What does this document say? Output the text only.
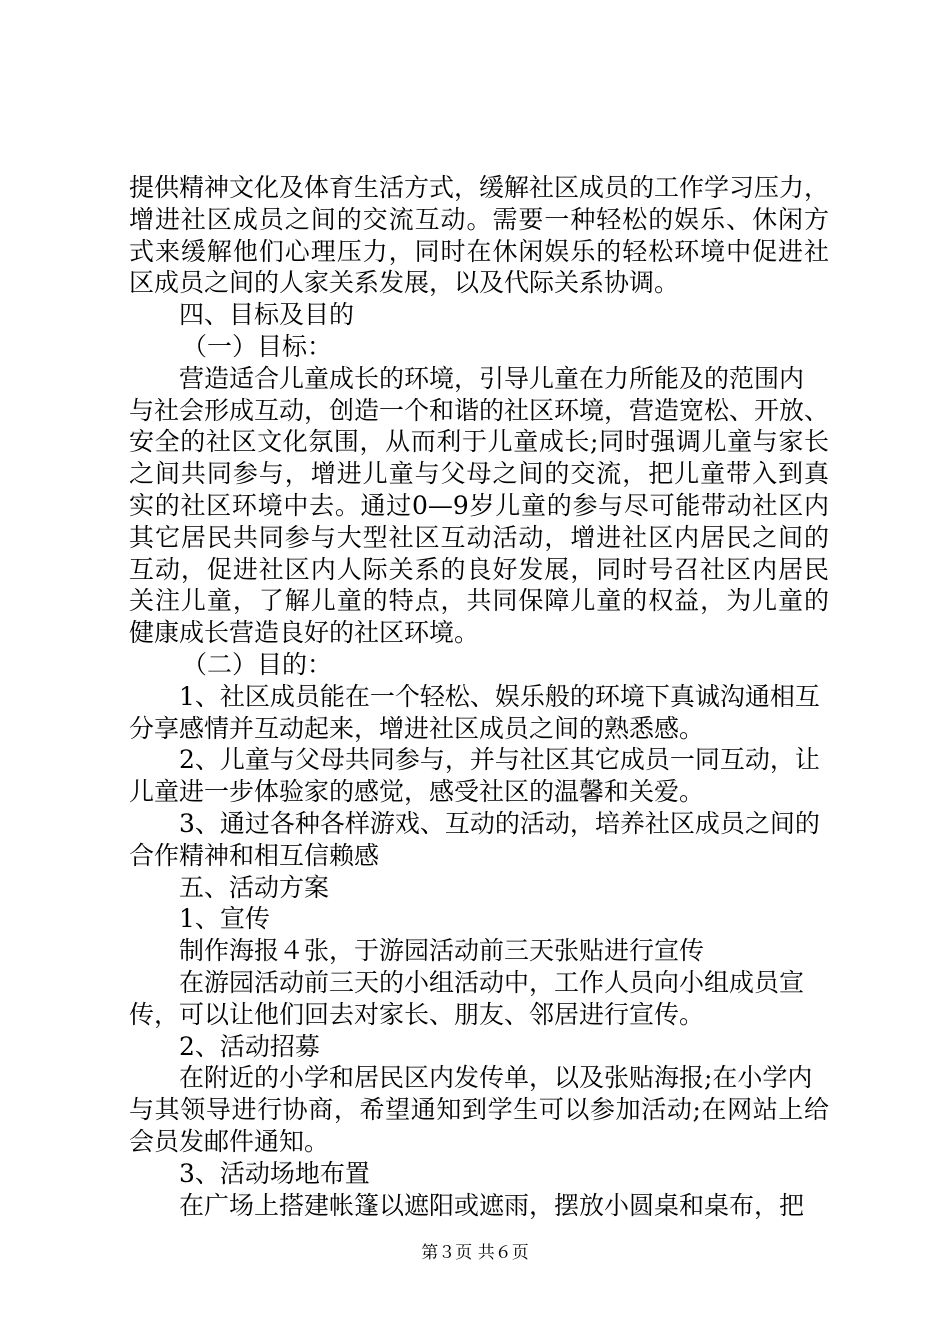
提供精神文化及体育生活方式，缓解社区成员的工作学习压力，
增进社区成员之间的交流互动。需要一种轻松的娱乐、休闲方
式来缓解他们心理压力，同时在休闲娱乐的轻松环境中促进社
区成员之间的人家关系发展，以及代际关系协调。
四、目标及目的
（一）目标：
营造适合儿童成长的环境，引导儿童在力所能及的范围内
与社会形成互动，创造一个和谐的社区环境，营造宽松、开放、
安全的社区文化氛围，从而利于儿童成长;同时强调儿童与家长
之间共同参与，增进儿童与父母之间的交流，把儿童带入到真
实的社区环境中去。通过0—9岁儿童的参与尽可能带动社区内
其它居民共同参与大型社区互动活动，增进社区内居民之间的
互动，促进社区内人际关系的良好发展，同时号召社区内居民
关注儿童，了解儿童的特点，共同保障儿童的权益，为儿童的
健康成长营造良好的社区环境。
（二）目的：
1、社区成员能在一个轻松、娱乐般的环境下真诚沟通相互
分享感情并互动起来，增进社区成员之间的熟悉感。
2、儿童与父母共同参与，并与社区其它成员一同互动，让
儿童进一步体验家的感觉，感受社区的温馨和关爱。
3、通过各种各样游戏、互动的活动，培养社区成员之间的
合作精神和相互信赖感
五、活动方案
1、宣传
制作海报４张，于游园活动前三天张贴进行宣传
在游园活动前三天的小组活动中，工作人员向小组成员宣
传，可以让他们回去对家长、朋友、邻居进行宣传。
2、活动招募
在附近的小学和居民区内发传单，以及张贴海报;在小学内
与其领导进行协商，希望通知到学生可以参加活动;在网站上给
会员发邮件通知。
3、活动场地布置
在广场上搭建帐篷以遮阳或遮雨，摆放小圆桌和桌布，把
第３页 共６页
